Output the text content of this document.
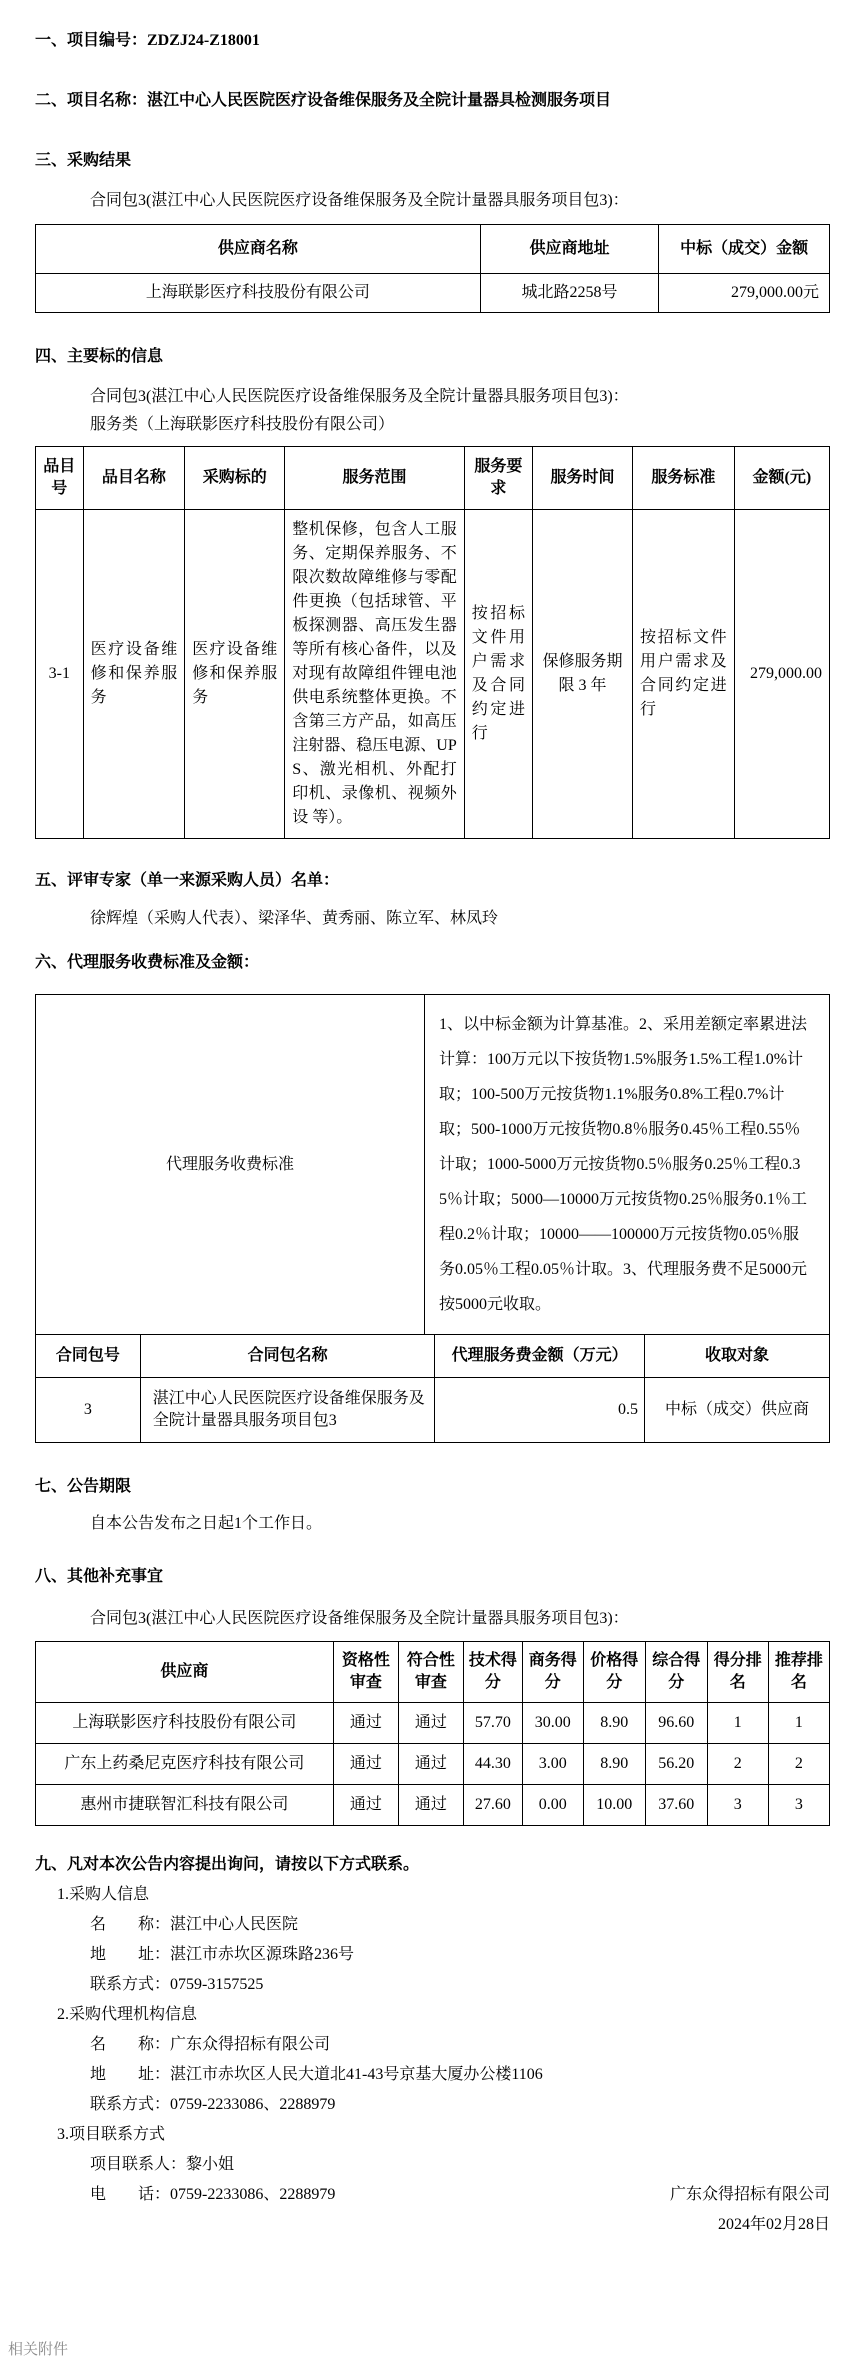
一、项目编号：ZDZJ24-Z18001
二、项目名称：湛江中心人民医院医疗设备维保服务及全院计量器具检测服务项目
三、采购结果
合同包3(湛江中心人民医院医疗设备维保服务及全院计量器具服务项目包3)：
供应商名称	供应商地址	中标（成交）金额
上海联影医疗科技股份有限公司	城北路2258号	279,000.00元
四、主要标的信息
合同包3(湛江中心人民医院医疗设备维保服务及全院计量器具服务项目包3)：
服务类（上海联影医疗科技股份有限公司）
品目号	品目名称	采购标的	服务范围	服务要求	服务时间	服务标准	金额(元)
3-1	医疗设备维修和保养服务	医疗设备维修和保养服务	整机保修，包含人工服务、定期保养服务、不限次数故障维修与零配件更换（包括球管、平板探测器、高压发生器等所有核心备件，以及对现有故障组件锂电池供电系统整体更换。不含第三方产品，如高压注射器、稳压电源、UPS、激光相机、外配打印机、录像机、视频外设 等）。	按招标文件用户需求及合同约定进行	保修服务期限 3 年	按招标文件用户需求及合同约定进行	279,000.00
五、评审专家（单一来源采购人员）名单：
徐辉煌（采购人代表）、梁泽华、黄秀丽、陈立军、林凤玲
六、代理服务收费标准及金额：
代理服务收费标准	1、以中标金额为计算基准。2、采用差额定率累进法计算：100万元以下按货物1.5%服务1.5%工程1.0%计取；100-500万元按货物1.1%服务0.8%工程0.7%计取；500-1000万元按货物0.8％服务0.45％工程0.55％计取；1000-5000万元按货物0.5％服务0.25％工程0.35％计取；5000—10000万元按货物0.25％服务0.1％工程0.2％计取；10000——100000万元按货物0.05％服务0.05％工程0.05％计取。3、代理服务费不足5000元按5000元收取。
合同包号	合同包名称	代理服务费金额（万元）	收取对象
3	湛江中心人民医院医疗设备维保服务及全院计量器具服务项目包3	0.5	中标（成交）供应商
七、公告期限
自本公告发布之日起1个工作日。
八、其他补充事宜
合同包3(湛江中心人民医院医疗设备维保服务及全院计量器具服务项目包3)：
供应商	资格性审查	符合性审查	技术得分	商务得分	价格得分	综合得分	得分排名	推荐排名
上海联影医疗科技股份有限公司	通过	通过	57.70	30.00	8.90	96.60	1	1
广东上药桑尼克医疗科技有限公司	通过	通过	44.30	3.00	8.90	56.20	2	2
惠州市捷联智汇科技有限公司	通过	通过	27.60	0.00	10.00	37.60	3	3
九、凡对本次公告内容提出询问，请按以下方式联系。

1.采购人信息

名　　称：湛江中心人民医院

地　　址：湛江市赤坎区源珠路236号

联系方式：0759-3157525

2.采购代理机构信息

名　　称：广东众得招标有限公司

地　　址：湛江市赤坎区人民大道北41-43号京基大厦办公楼1106

联系方式：0759-2233086、2288979

3.项目联系方式

项目联系人：黎小姐

电　　话：0759-2233086、2288979	广东众得招标有限公司
2024年02月28日
相关附件
